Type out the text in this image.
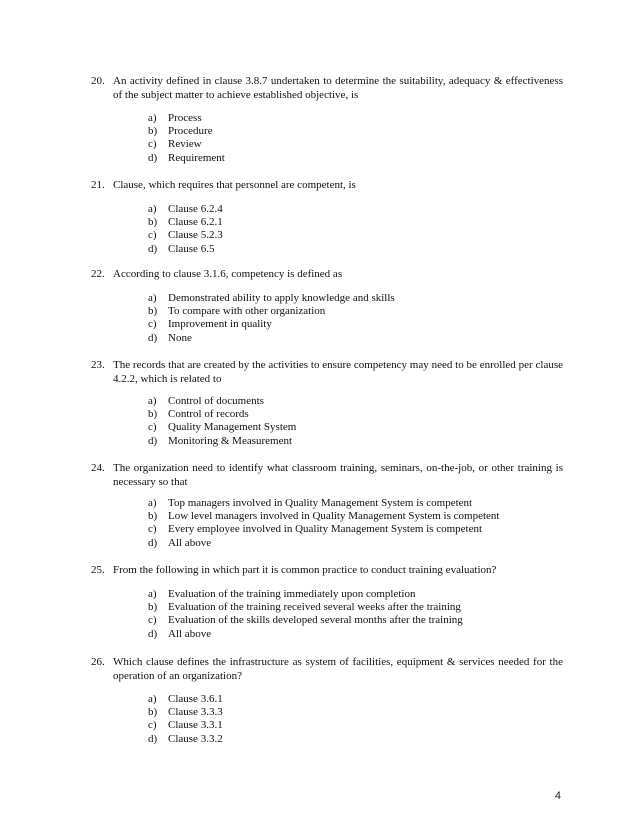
20. An activity defined in clause 3.8.7 undertaken to determine the suitability, adequacy & effectiveness of the subject matter to achieve established objective, is
a)	Process
b) Procedure
c)	Review
d) Requirement
21. Clause, which requires that personnel are competent, is
a)	Clause 6.2.4
b) Clause 6.2.1
c)	Clause 5.2.3
d) Clause 6.5
22. According to clause 3.1.6, competency is defined as
a)	Demonstrated ability to apply knowledge and skills
b) To compare with other organization
c)	Improvement in quality
d) None
23. The records that are created by the activities to ensure competency may need to be enrolled per clause 4.2.2, which is related to
a)	Control of documents
b) Control of records
c)	Quality Management System
d) Monitoring & Measurement
24. The organization need to identify what classroom training, seminars, on-the-job, or other training is necessary so that
a)	Top managers involved in Quality Management System is competent
b) Low level managers involved in Quality Management System is competent
c)	Every employee involved in Quality Management System is competent
d) All above
25. From the following in which part it is common practice to conduct training evaluation?
a)	Evaluation of the training immediately upon completion
b) Evaluation of the training received several weeks after the training
c)	Evaluation of the skills developed several months after the training
d) All above
26. Which clause defines the infrastructure as system of facilities, equipment & services needed for the operation of an organization?
a)	Clause 3.6.1
b) Clause 3.3.3
c)	Clause 3.3.1
d) Clause 3.3.2
4
